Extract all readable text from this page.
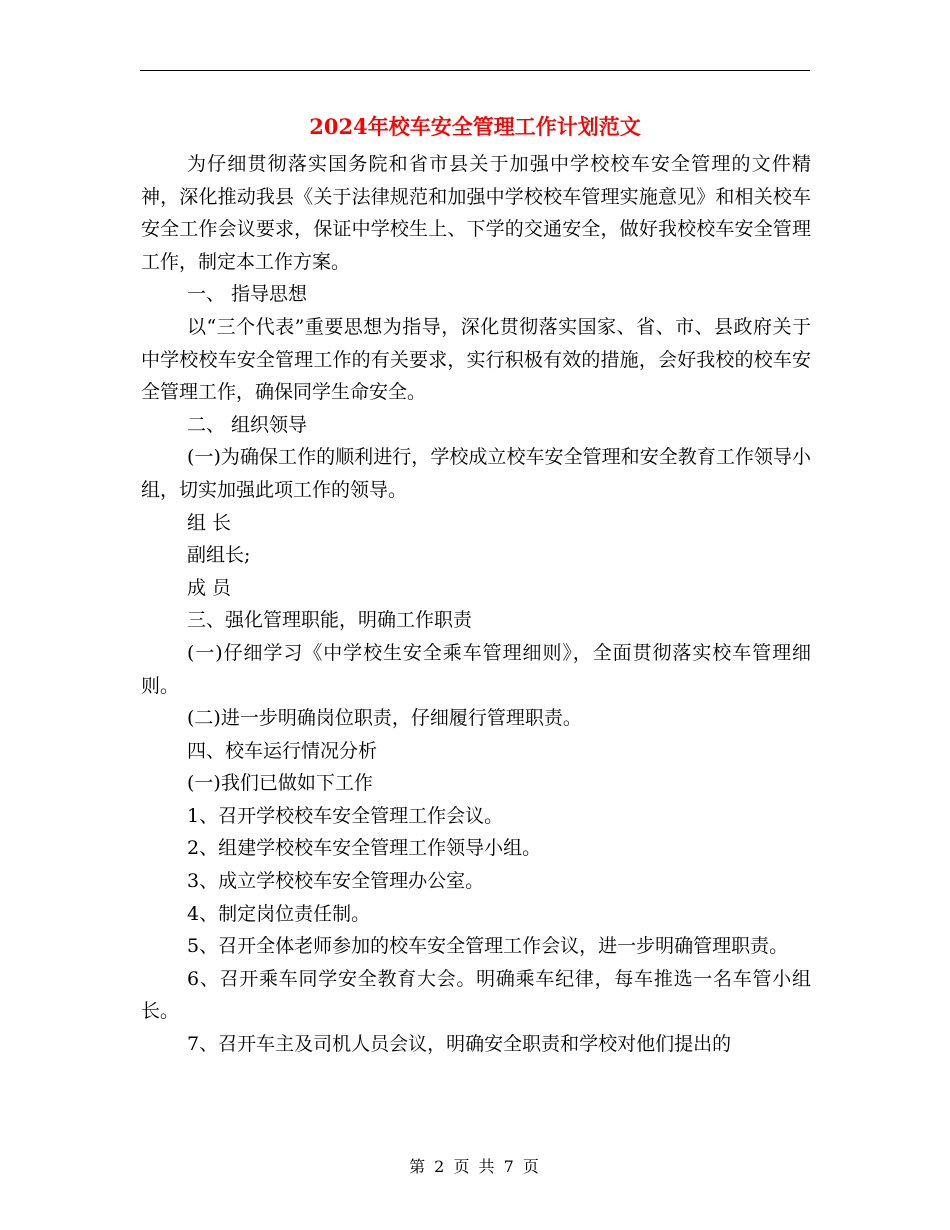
2024年校车安全管理工作计划范文

为仔细贯彻落实国务院和省市县关于加强中学校校车安全管理的文件精神，深化推动我县《关于法律规范和加强中学校校车管理实施意见》和相关校车安全工作会议要求，保证中学校生上、下学的交通安全，做好我校校车安全管理工作，制定本工作方案。

一、 指导思想

以“三个代表”重要思想为指导，深化贯彻落实国家、省、市、县政府关于中学校校车安全管理工作的有关要求，实行积极有效的措施，会好我校的校车安全管理工作，确保同学生命安全。

二、 组织领导

(一)为确保工作的顺利进行，学校成立校车安全管理和安全教育工作领导小组，切实加强此项工作的领导。

组 长

副组长;

成 员

三、强化管理职能，明确工作职责

(一)仔细学习《中学校生安全乘车管理细则》，全面贯彻落实校车管理细则。

(二)进一步明确岗位职责，仔细履行管理职责。

四、校车运行情况分析

(一)我们已做如下工作

1、召开学校校车安全管理工作会议。

2、组建学校校车安全管理工作领导小组。

3、成立学校校车安全管理办公室。

4、制定岗位责任制。

5、召开全体老师参加的校车安全管理工作会议，进一步明确管理职责。

6、召开乘车同学安全教育大会。明确乘车纪律，每车推选一名车管小组长。

7、召开车主及司机人员会议，明确安全职责和学校对他们提出的

第 2 页 共 7 页
